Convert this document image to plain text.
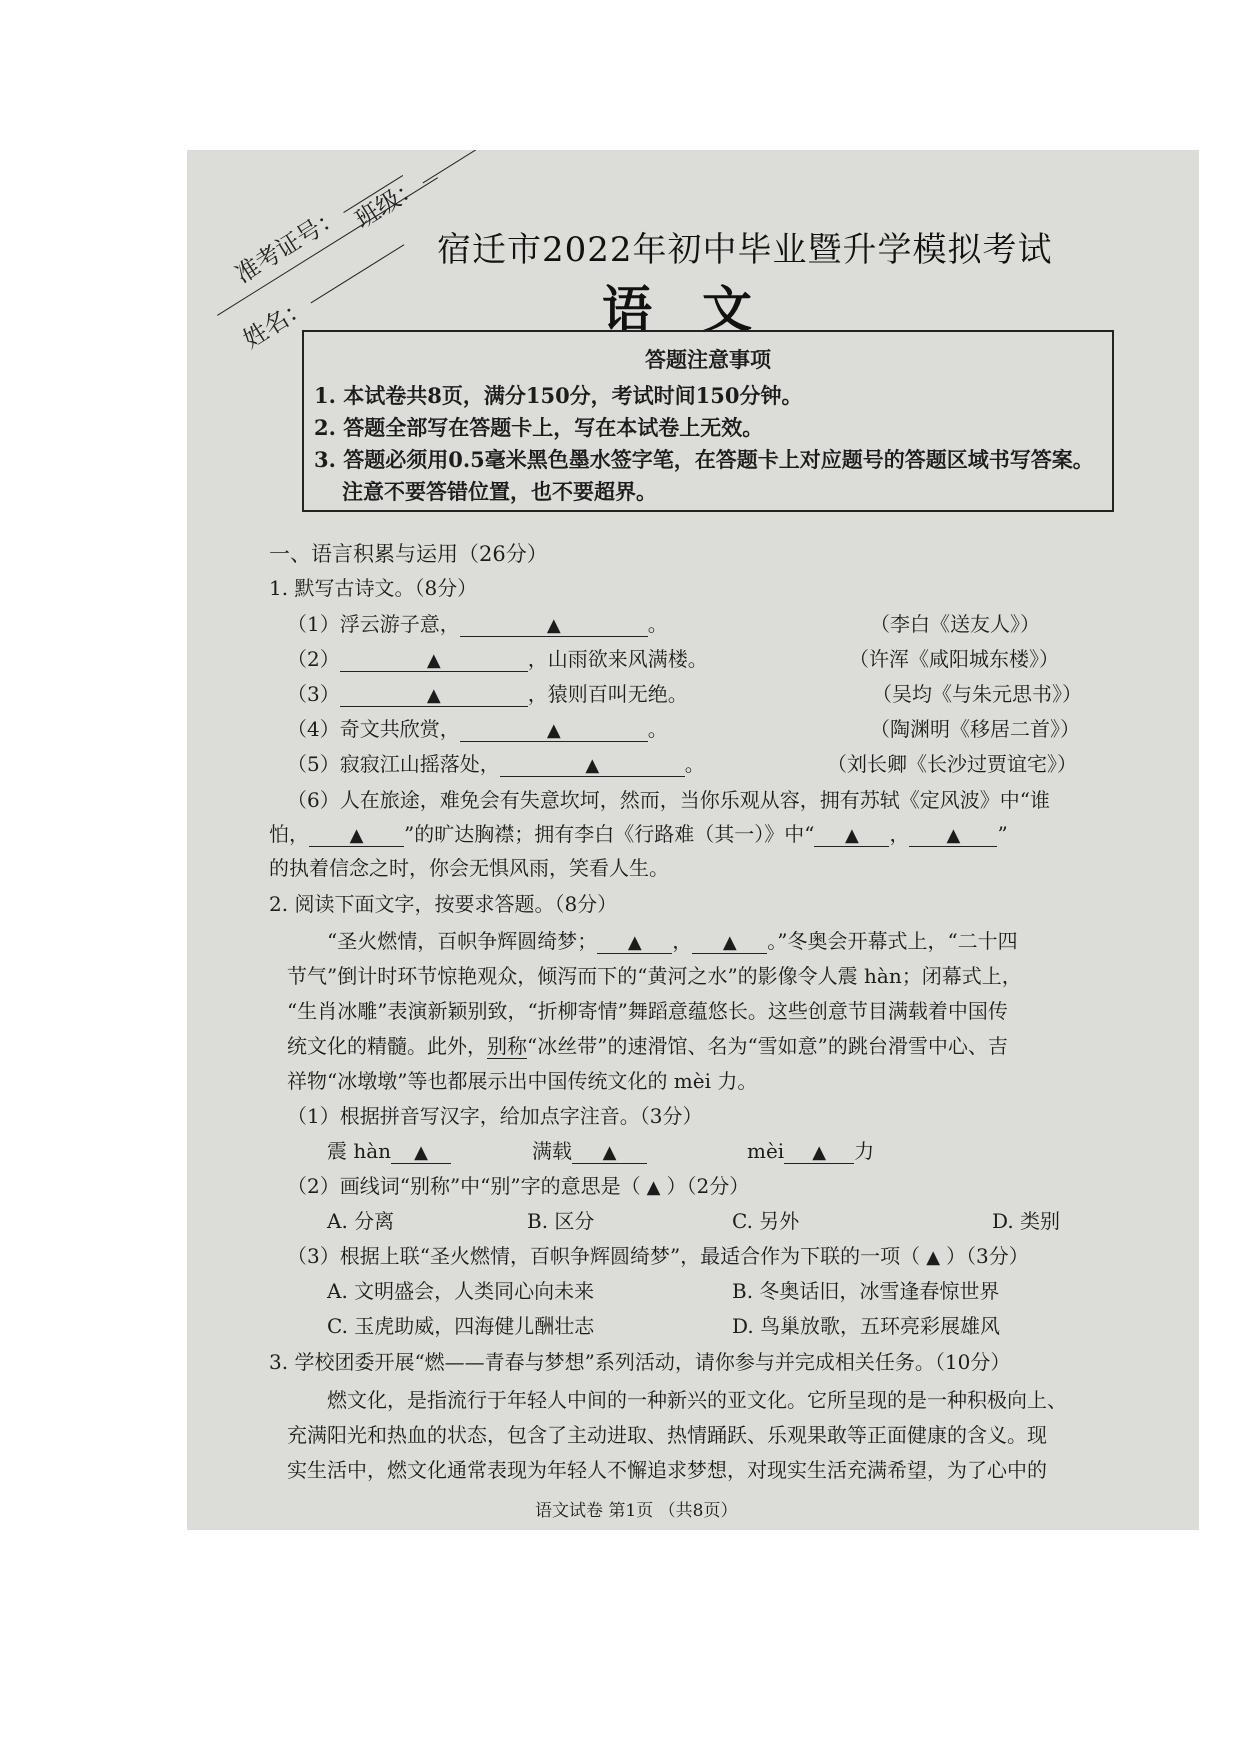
准考证号： 班级：
姓名：
宿迁市2022年初中毕业暨升学模拟考试
语文
答题注意事项
1. 本试卷共8页，满分150分，考试时间150分钟。
2. 答题全部写在答题卡上，写在本试卷上无效。
3. 答题必须用0.5毫米黑色墨水签字笔，在答题卡上对应题号的答题区域书写答案。
注意不要答错位置，也不要超界。
一、语言积累与运用（26分）
1. 默写古诗文。（8分）
（1）浮云游子意，	▲	。	（李白《送友人》）
（2）	▲	，山雨欲来风满楼。	（许浑《咸阳城东楼》）
（3）	▲	，猿则百叫无绝。	（吴均《与朱元思书》）
（4）奇文共欣赏，	▲	。	（陶渊明《移居二首》）
（5）寂寂江山摇落处，	▲	。	（刘长卿《长沙过贾谊宅》）
（6）人在旅途，难免会有失意坎坷，然而，当你乐观从容，拥有苏轼《定风波》中“谁
怕， ▲ ”的旷达胸襟；拥有李白《行路难（其一）》中“ ▲ ， ▲ ”
的执着信念之时，你会无惧风雨，笑看人生。
2. 阅读下面文字，按要求答题。（8分）
“圣火燃情，百帜争辉圆绮梦； ▲ ， ▲ 。”冬奥会开幕式上，“二十四
节气”倒计时环节惊艳观众，倾泻而下的“黄河之水”的影像令人震 hàn；闭幕式上，
“生肖冰雕”表演新颖别致，“折柳寄情”舞蹈意蕴悠长。这些创意节目满载着中国传
统文化的精髓。此外，别称“冰丝带”的速滑馆、名为“雪如意”的跳台滑雪中心、吉
祥物“冰墩墩”等也都展示出中国传统文化的 mèi 力。
（1）根据拼音写汉字，给加点字注音。（3分）
震 hàn ▲	满载 ▲	mèi ▲ 力
（2）画线词“别称”中“别”字的意思是（ ▲ ）（2分）
A. 分离	B. 区分	C. 另外	D. 类别
（3）根据上联“圣火燃情，百帜争辉圆绮梦”，最适合作为下联的一项（ ▲ ）（3分）
A. 文明盛会，人类同心向未来	B. 冬奥话旧，冰雪逢春惊世界
C. 玉虎助威，四海健儿酬壮志	D. 鸟巢放歌，五环亮彩展雄风
3. 学校团委开展“燃——青春与梦想”系列活动，请你参与并完成相关任务。（10分）
燃文化，是指流行于年轻人中间的一种新兴的亚文化。它所呈现的是一种积极向上、
充满阳光和热血的状态，包含了主动进取、热情踊跃、乐观果敢等正面健康的含义。现
实生活中，燃文化通常表现为年轻人不懈追求梦想，对现实生活充满希望，为了心中的
语文试卷 第1页 （共8页）
